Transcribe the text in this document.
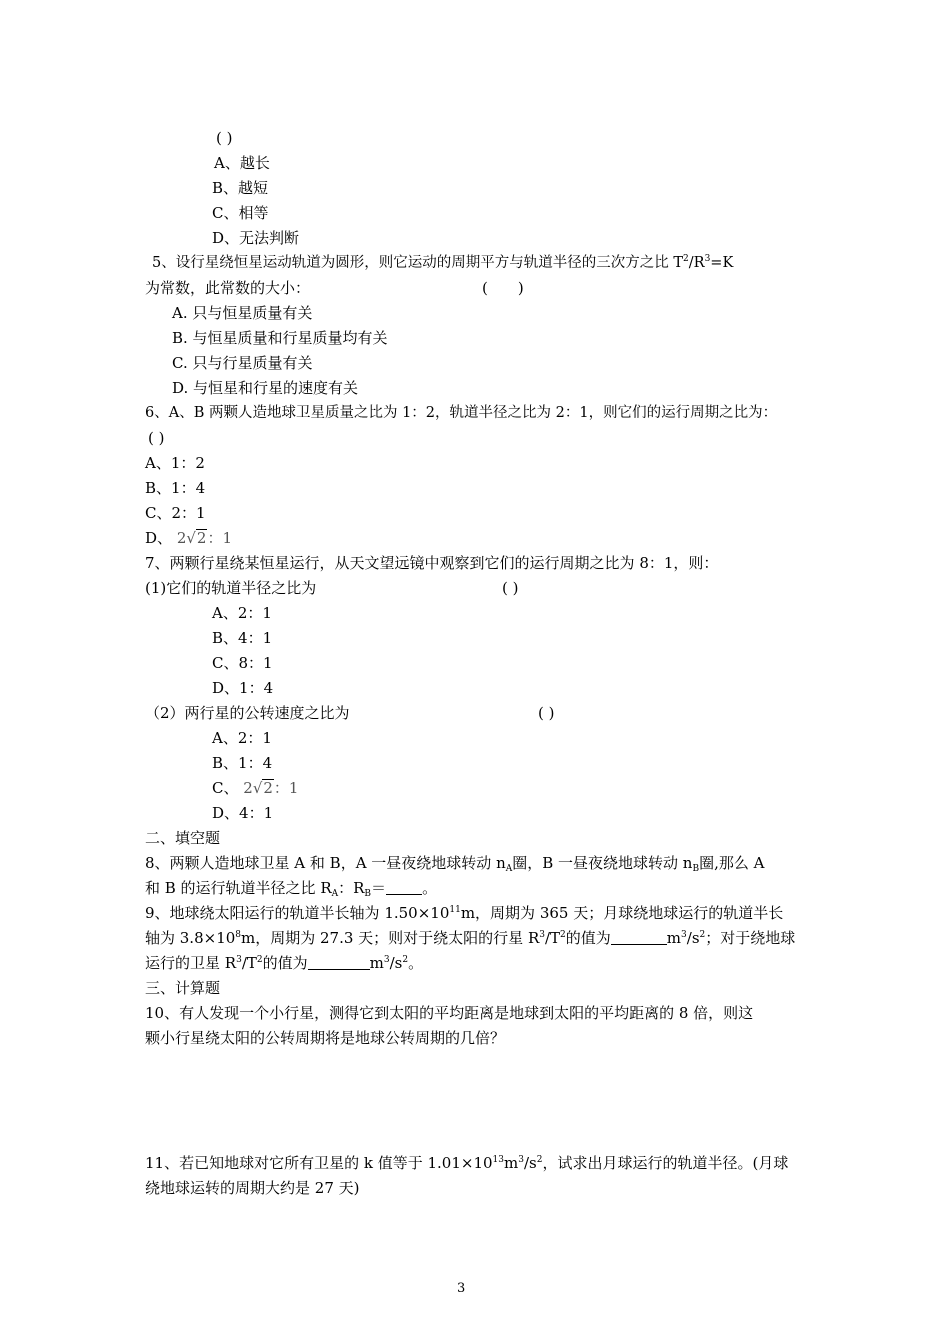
( )
A、越长
B、越短
C、相等
D、无法判断
5、设行星绕恒星运动轨道为圆形，则它运动的周期平方与轨道半径的三次方之比 $T^2/R^3=K$
为常数，此常数的大小：	(　　)
A. 只与恒星质量有关
B. 与恒星质量和行星质量均有关
C. 只与行星质量有关
D. 与恒星和行星的速度有关
6、A、B 两颗人造地球卫星质量之比为 1：2，轨道半径之比为 2：1，则它们的运行周期之比为：
( )
A、1：2
B、1：4
C、2：1
D、 2√2：1
7、两颗行星绕某恒星运行，从天文望远镜中观察到它们的运行周期之比为 8：1，则：
(1)它们的轨道半径之比为	( )
A、2：1
B、4：1
C、8：1
D、1：4
（2）两行星的公转速度之比为	( )
A、2：1
B、1：4
C、 2√2：1
D、4：1
二、填空题
8、两颗人造地球卫星 A 和 B，A 一昼夜绕地球转动 $n_A$圈，B 一昼夜绕地球转动 $n_B$圈,那么 A
和 B 的运行轨道半径之比 $R_A$：$R_B=$ 。
9、地球绕太阳运行的轨道半长轴为 $1.50\times 10^{11}m$，周期为 365 天；月球绕地球运行的轨道半长
轴为 $3.8\times 10^8m$，周期为 27.3 天；则对于绕太阳的行星 $R^3/T^2$的值为	$m^3/s^2$；对于绕地球
运行的卫星 $R^3/T^2$的值为	$m^3/s^2$。
三、计算题
10、有人发现一个小行星，测得它到太阳的平均距离是地球到太阳的平均距离的 8 倍，则这
颗小行星绕太阳的公转周期将是地球公转周期的几倍？
11、若已知地球对它所有卫星的 k 值等于 $1.01\times 10^{13}m^3/s^2$，试求出月球运行的轨道半径。(月球
绕地球运转的周期大约是 27 天)
3
